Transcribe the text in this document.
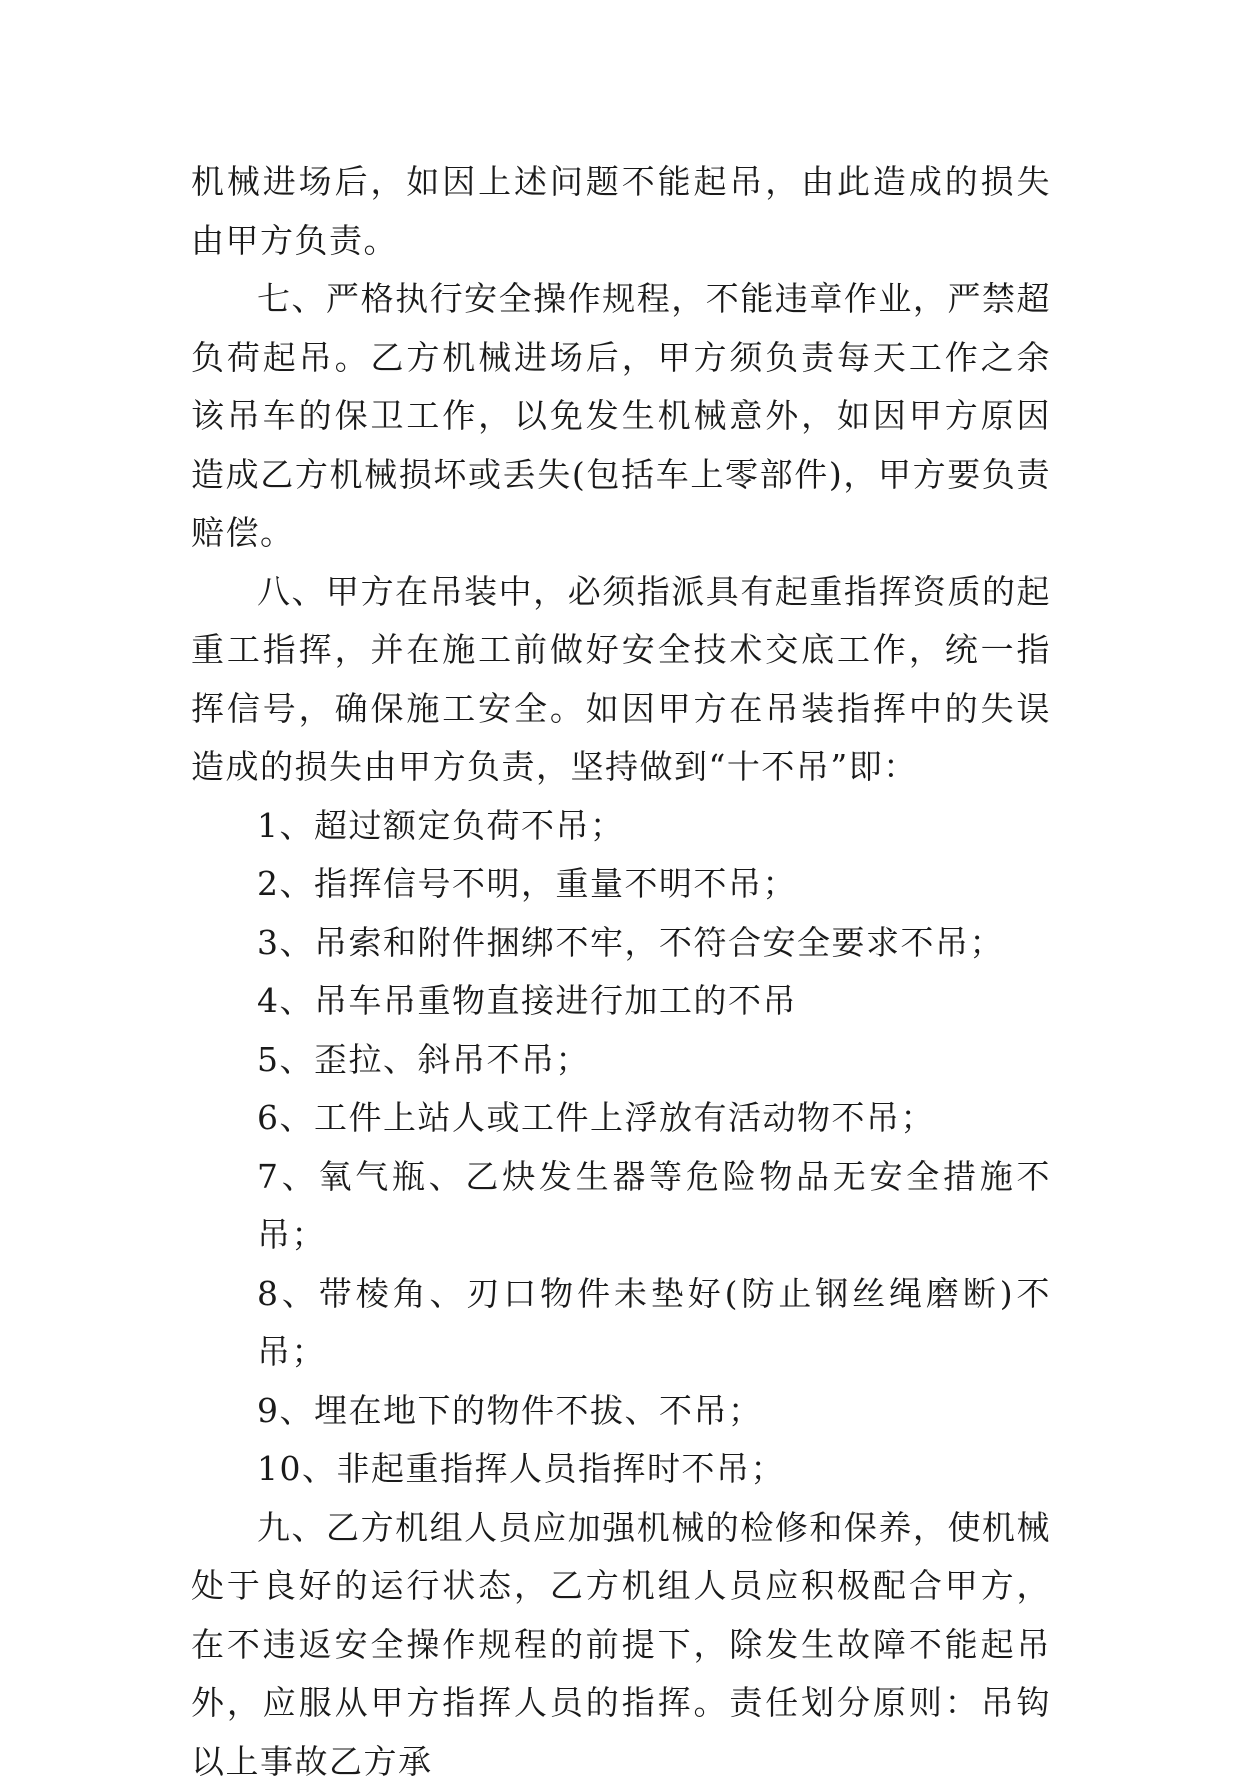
机械进场后，如因上述问题不能起吊，由此造成的损失由甲方负责。

七、严格执行安全操作规程，不能违章作业，严禁超负荷起吊。乙方机械进场后，甲方须负责每天工作之余该吊车的保卫工作，以免发生机械意外，如因甲方原因造成乙方机械损坏或丢失(包括车上零部件)，甲方要负责赔偿。

八、甲方在吊装中，必须指派具有起重指挥资质的起重工指挥，并在施工前做好安全技术交底工作，统一指挥信号，确保施工安全。如因甲方在吊装指挥中的失误造成的损失由甲方负责，坚持做到“十不吊”即：

1、超过额定负荷不吊；

2、指挥信号不明，重量不明不吊；

3、吊索和附件捆绑不牢，不符合安全要求不吊；

4、吊车吊重物直接进行加工的不吊

5、歪拉、斜吊不吊；

6、工件上站人或工件上浮放有活动物不吊；

7、氧气瓶、乙炔发生器等危险物品无安全措施不吊；

8、带棱角、刃口物件未垫好(防止钢丝绳磨断)不吊；

9、埋在地下的物件不拔、不吊；

10、非起重指挥人员指挥时不吊；

九、乙方机组人员应加强机械的检修和保养，使机械处于良好的运行状态，乙方机组人员应积极配合甲方，在不违返安全操作规程的前提下，除发生故障不能起吊外，应服从甲方指挥人员的指挥。责任划分原则：吊钩以上事故乙方承
